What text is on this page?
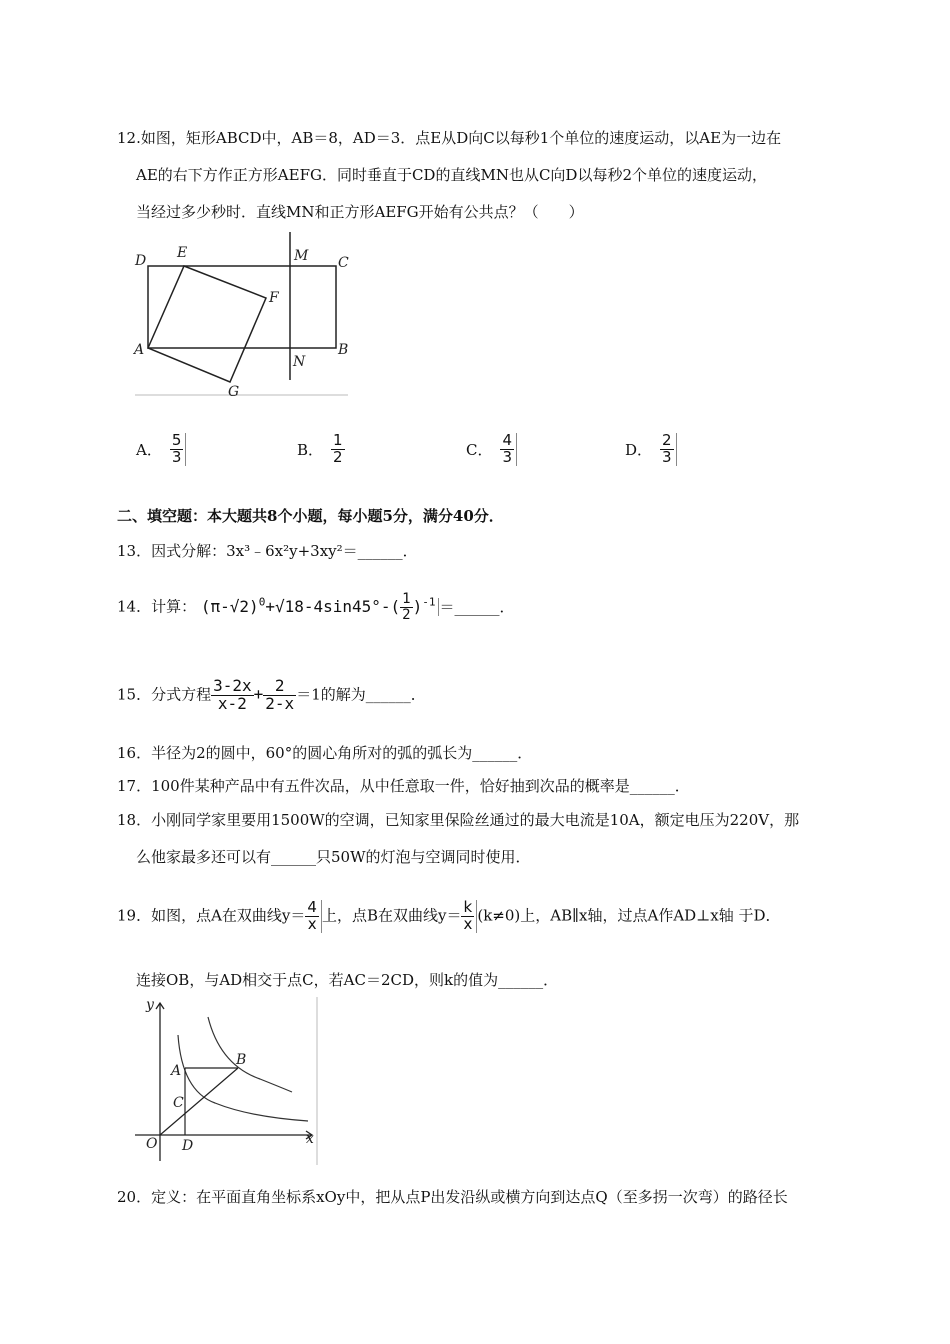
12.如图，矩形ABCD中，AB＝8，AD＝3．点E从D向C以每秒1个单位的速度运动，以AE为一边在
AE的右下方作正方形AEFG．同时垂直于CD的直线MN也从C向D以每秒2个单位的速度运动，
当经过多少秒时．直线MN和正方形AEFG开始有公共点？（　　）
D E	M C
F
A
N
B
G
A． $\frac{5}{3}$	B． $\frac{1}{2}$	C． $\frac{4}{3}$	D． $\frac{2}{3}$
二、填空题：本大题共8个小题，每小题5分，满分40分．
13．因式分解：3x³﹣6x²y+3xy²＝______．
14．计算： $(\pi-√2)^0+√18-4\sin 45^\circ-( \frac{1}{2} )^{-1}$ ＝______．
15．分式方程 $\frac{3-2x}{x-2} + \frac{2}{2-x} =1$的解为______．
16．半径为2的圆中，60°的圆心角所对的弧的弧长为______．
17．100件某种产品中有五件次品，从中任意取一件，恰好抽到次品的概率是______．
18．小刚同学家里要用1500W的空调，已知家里保险丝通过的最大电流是10A，额定电压为220V，那
么他家最多还可以有______只50W的灯泡与空调同时使用．
19．如图，点A在双曲线$y= \frac{4}{x}$ 上，点B在双曲线$y= \frac{k}{x} (k\ne 0)$上，AB∥x轴，过点A作AD⊥x轴 于D．
连接OB，与AD相交于点C，若AC＝2CD，则k的值为______．
y
x
O
A
B
C
D
20．定义：在平面直角坐标系xOy中，把从点P出发沿纵或横方向到达点Q（至多拐一次弯）的路径长
